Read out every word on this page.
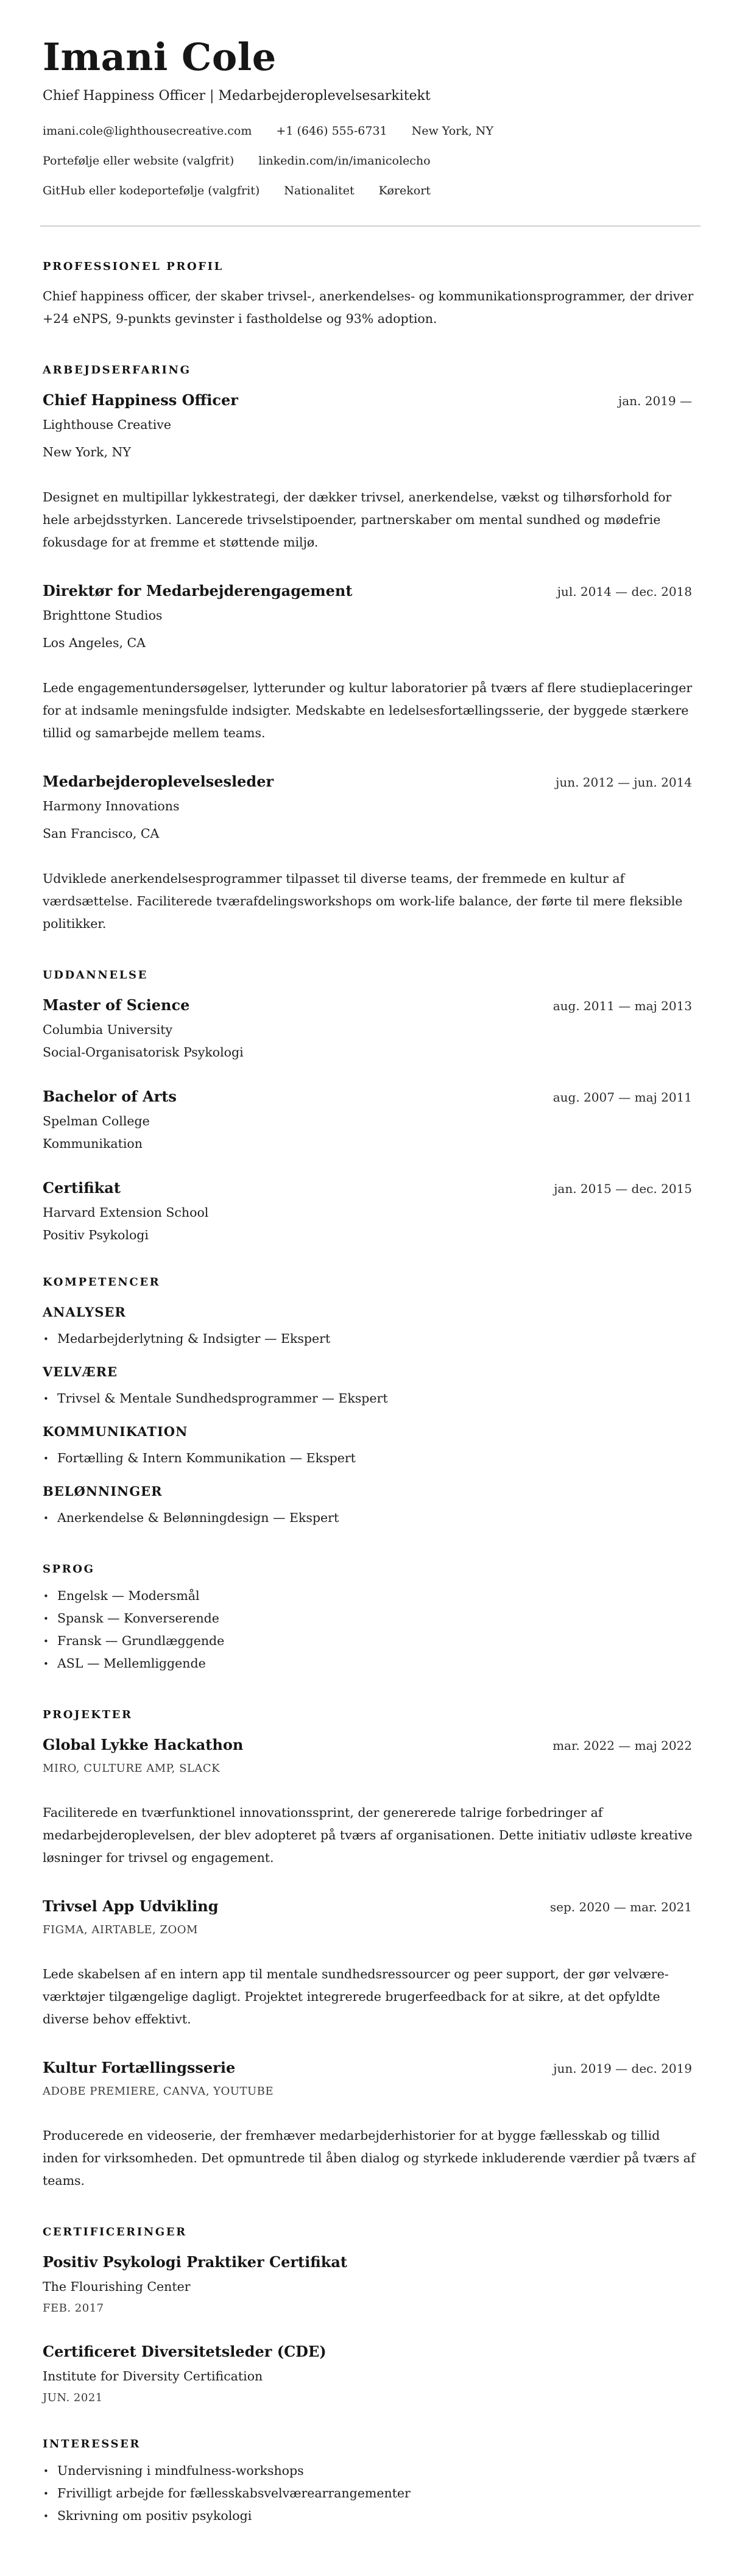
Imani Cole
Chief Happiness Officer | Medarbejderoplevelsesarkitekt
imani.cole@lighthousecreative.com +1 (646) 555-6731 New York, NY
Portefølje eller website (valgfrit) linkedin.com/in/imanicolecho
GitHub eller kodeportefølje (valgfrit) Nationalitet Kørekort
PROFESSIONEL PROFIL

Chief happiness officer, der skaber trivsel-, anerkendelses- og kommunikationsprogrammer, der driver +24 eNPS, 9-punkts gevinster i fastholdelse og 93% adoption.

ARBEJDSERFARING
Chief Happiness Officer	jan. 2019 —
Lighthouse Creative
New York, NY

Designet en multipillar lykkestrategi, der dækker trivsel, anerkendelse, vækst og tilhørsforhold for hele arbejdsstyrken. Lancerede trivselstipoender, partnerskaber om mental sundhed og mødefrie fokusdage for at fremme et støttende miljø.

Direktør for Medarbejderengagement	jul. 2014 — dec. 2018
Brighttone Studios
Los Angeles, CA

Lede engagementundersøgelser, lytterunder og kultur laboratorier på tværs af flere studieplaceringer for at indsamle meningsfulde indsigter. Medskabte en ledelsesfortællingsserie, der byggede stærkere tillid og samarbejde mellem teams.

Medarbejderoplevelsesleder	jun. 2012 — jun. 2014
Harmony Innovations
San Francisco, CA

Udviklede anerkendelsesprogrammer tilpasset til diverse teams, der fremmede en kultur af værdsættelse. Faciliterede tværafdelingsworkshops om work-life balance, der førte til mere fleksible politikker.

UDDANNELSE
Master of Science	aug. 2011 — maj 2013
Columbia University
Social-Organisatorisk Psykologi
Bachelor of Arts	aug. 2007 — maj 2011
Spelman College
Kommunikation
Certifikat	jan. 2015 — dec. 2015
Harvard Extension School
Positiv Psykologi
KOMPETENCER
ANALYSER
• Medarbejderlytning & Indsigter — Ekspert
VELVÆRE
• Trivsel & Mentale Sundhedsprogrammer — Ekspert
KOMMUNIKATION
• Fortælling & Intern Kommunikation — Ekspert
BELØNNINGER
• Anerkendelse & Belønningdesign — Ekspert
SPROG
• Engelsk — Modersmål
• Spansk — Konverserende
• Fransk — Grundlæggende
• ASL — Mellemliggende
PROJEKTER
Global Lykke Hackathon	mar. 2022 — maj 2022
MIRO, CULTURE AMP, SLACK

Faciliterede en tværfunktionel innovationssprint, der genererede talrige forbedringer af medarbejderoplevelsen, der blev adopteret på tværs af organisationen. Dette initiativ udløste kreative løsninger for trivsel og engagement.

Trivsel App Udvikling	sep. 2020 — mar. 2021
FIGMA, AIRTABLE, ZOOM

Lede skabelsen af en intern app til mentale sundhedsressourcer og peer support, der gør velvære-værktøjer tilgængelige dagligt. Projektet integrerede brugerfeedback for at sikre, at det opfyldte diverse behov effektivt.

Kultur Fortællingsserie	jun. 2019 — dec. 2019
ADOBE PREMIERE, CANVA, YOUTUBE

Producerede en videoserie, der fremhæver medarbejderhistorier for at bygge fællesskab og tillid inden for virksomheden. Det opmuntrede til åben dialog og styrkede inkluderende værdier på tværs af teams.

CERTIFICERINGER
Positiv Psykologi Praktiker Certifikat
The Flourishing Center
FEB. 2017
Certificeret Diversitetsleder (CDE)
Institute for Diversity Certification
JUN. 2021
INTERESSER
• Undervisning i mindfulness-workshops
• Frivilligt arbejde for fællesskabsvelværearrangementer
• Skrivning om positiv psykologi
